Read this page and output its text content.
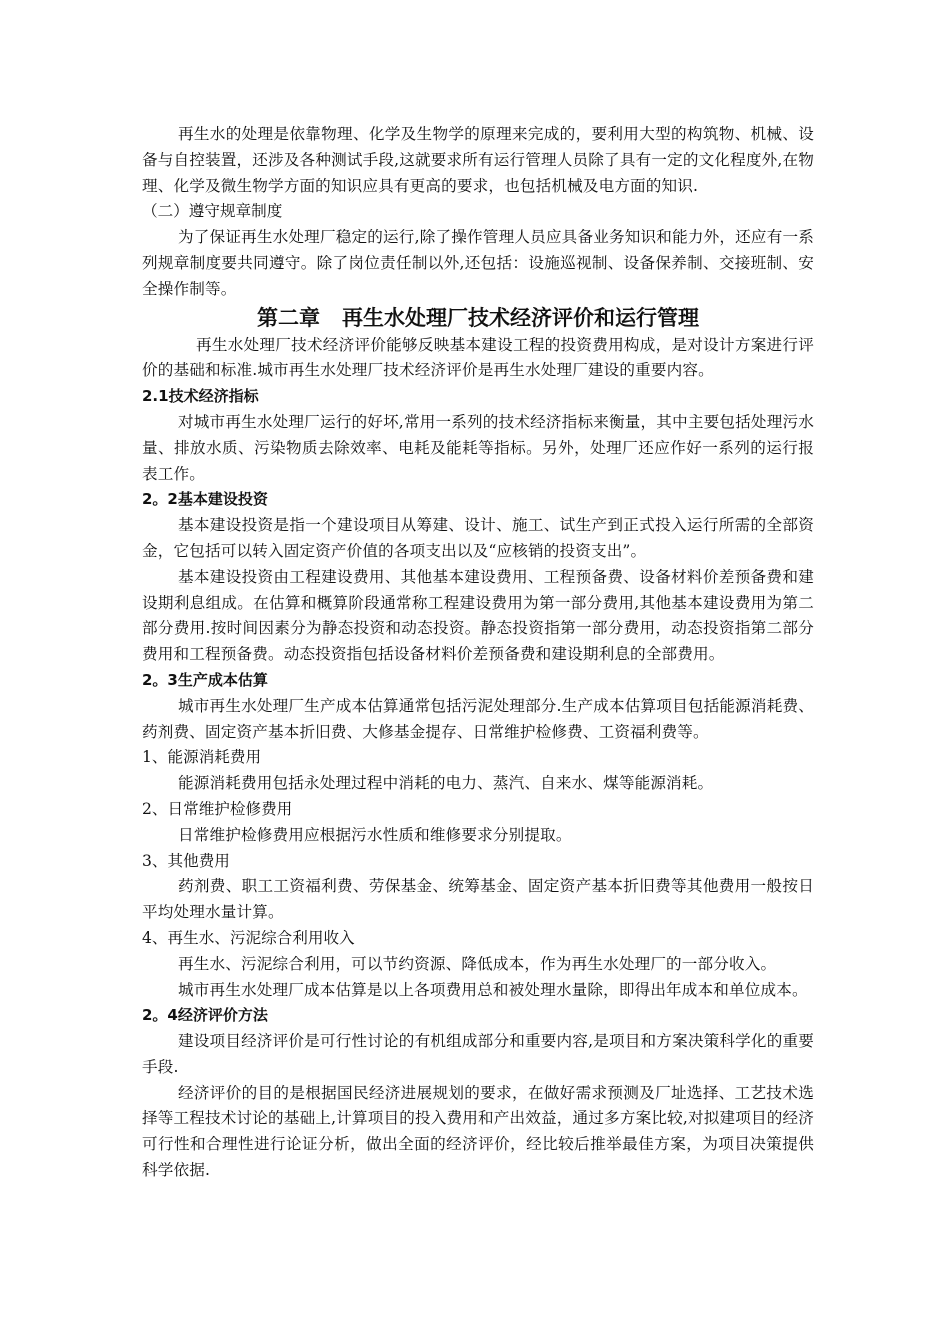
再生水的处理是依靠物理、化学及生物学的原理来完成的，要利用大型的构筑物、机械、设备与自控装置，还涉及各种测试手段,这就要求所有运行管理人员除了具有一定的文化程度外,在物理、化学及微生物学方面的知识应具有更高的要求，也包括机械及电方面的知识.

（二）遵守规章制度

为了保证再生水处理厂稳定的运行,除了操作管理人员应具备业务知识和能力外，还应有一系列规章制度要共同遵守。除了岗位责任制以外,还包括：设施巡视制、设备保养制、交接班制、安全操作制等。

第二章 再生水处理厂技术经济评价和运行管理

再生水处理厂技术经济评价能够反映基本建设工程的投资费用构成，是对设计方案进行评价的基础和标准.城市再生水处理厂技术经济评价是再生水处理厂建设的重要内容。

2.1技术经济指标

对城市再生水处理厂运行的好坏,常用一系列的技术经济指标来衡量，其中主要包括处理污水量、排放水质、污染物质去除效率、电耗及能耗等指标。另外，处理厂还应作好一系列的运行报表工作。

2。2基本建设投资

基本建设投资是指一个建设项目从筹建、设计、施工、试生产到正式投入运行所需的全部资金，它包括可以转入固定资产价值的各项支出以及“应核销的投资支出”。

基本建设投资由工程建设费用、其他基本建设费用、工程预备费、设备材料价差预备费和建设期利息组成。在估算和概算阶段通常称工程建设费用为第一部分费用,其他基本建设费用为第二部分费用.按时间因素分为静态投资和动态投资。静态投资指第一部分费用，动态投资指第二部分费用和工程预备费。动态投资指包括设备材料价差预备费和建设期利息的全部费用。

2。3生产成本估算

城市再生水处理厂生产成本估算通常包括污泥处理部分.生产成本估算项目包括能源消耗费、药剂费、固定资产基本折旧费、大修基金提存、日常维护检修费、工资福利费等。

1、能源消耗费用

能源消耗费用包括永处理过程中消耗的电力、蒸汽、自来水、煤等能源消耗。

2、日常维护检修费用

日常维护检修费用应根据污水性质和维修要求分别提取。

3、其他费用

药剂费、职工工资福利费、劳保基金、统筹基金、固定资产基本折旧费等其他费用一般按日平均处理水量计算。

4、再生水、污泥综合利用收入

再生水、污泥综合利用，可以节约资源、降低成本，作为再生水处理厂的一部分收入。

城市再生水处理厂成本估算是以上各项费用总和被处理水量除，即得出年成本和单位成本。

2。4经济评价方法

建设项目经济评价是可行性讨论的有机组成部分和重要内容,是项目和方案决策科学化的重要手段.

经济评价的目的是根据国民经济进展规划的要求，在做好需求预测及厂址选择、工艺技术选择等工程技术讨论的基础上,计算项目的投入费用和产出效益，通过多方案比较,对拟建项目的经济可行性和合理性进行论证分析，做出全面的经济评价，经比较后推举最佳方案，为项目决策提供科学依据.
